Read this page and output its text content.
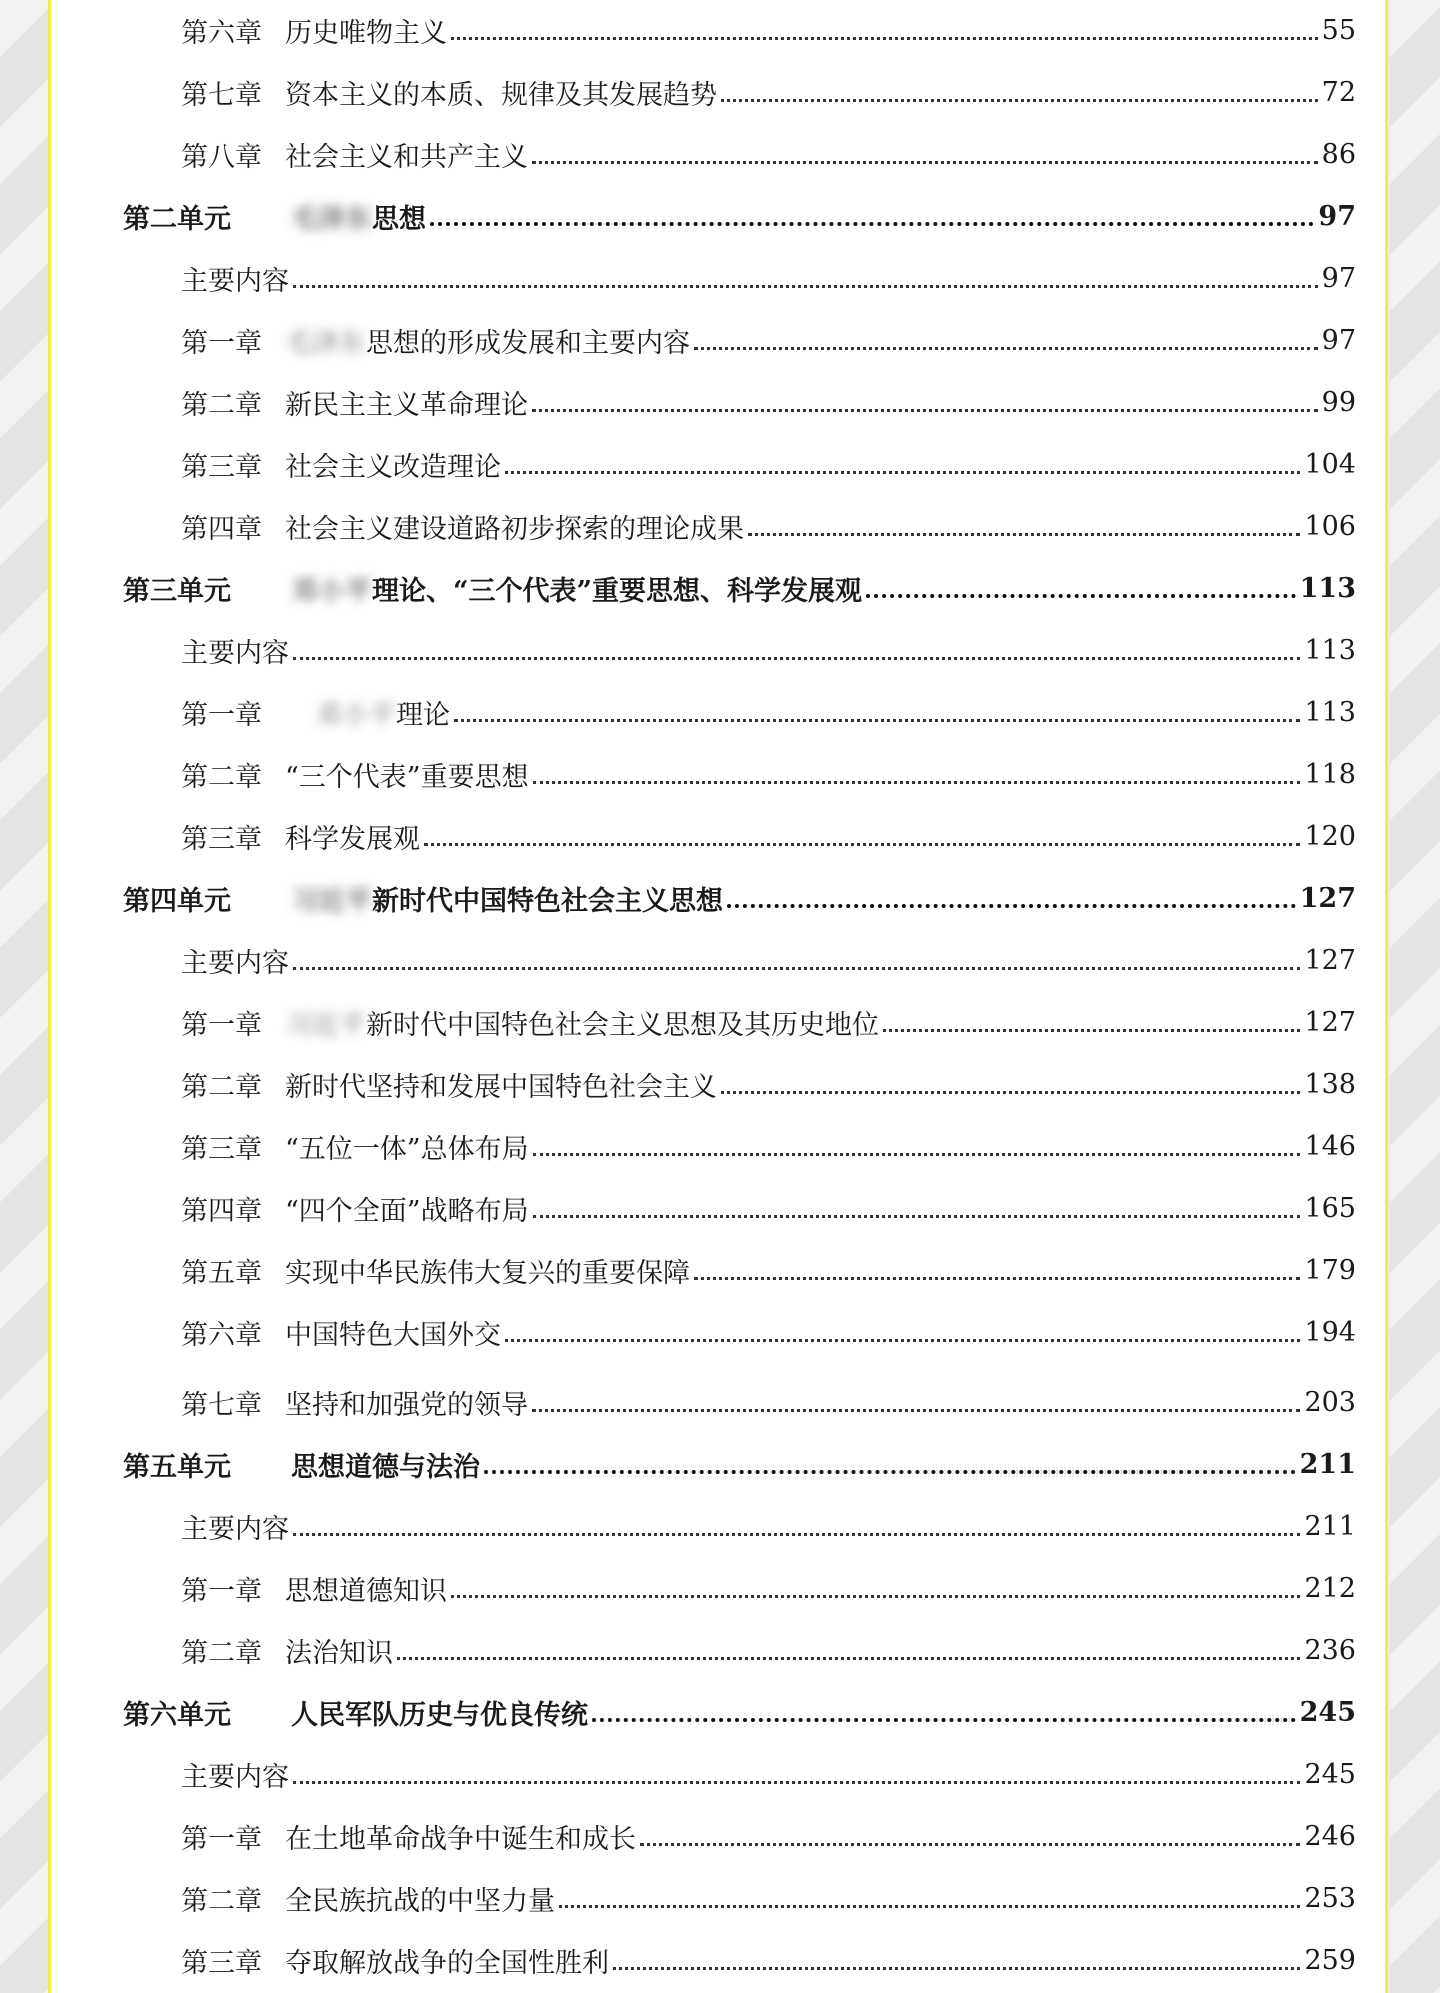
第六章 历史唯物主义	55
第七章 资本主义的本质、规律及其发展趋势	72
第八章 社会主义和共产主义	86
第二单元	毛泽东 思想	97
主要内容	97
第一章 毛泽东 思想的形成发展和主要内容	97
第二章 新民主主义革命理论	99
第三章 社会主义改造理论	104
第四章 社会主义建设道路初步探索的理论成果	106
第三单元	邓小平 理论、“三个代表”重要思想、科学发展观	113
主要内容	113
第一章	邓小平 理论	113
第二章 “三个代表”重要思想	118
第三章 科学发展观	120
第四单元	习近平 新时代中国特色社会主义思想	127
主要内容	127
第一章 习近平 新时代中国特色社会主义思想及其历史地位	127
第二章 新时代坚持和发展中国特色社会主义	138
第三章 “五位一体”总体布局	146
第四章 “四个全面”战略布局	165
第五章 实现中华民族伟大复兴的重要保障	179
第六章 中国特色大国外交	194
第七章 坚持和加强党的领导	203
第五单元	思想道德与法治	211
主要内容	211
第一章 思想道德知识	212
第二章 法治知识	236
第六单元	人民军队历史与优良传统	245
主要内容	245
第一章 在土地革命战争中诞生和成长	246
第二章 全民族抗战的中坚力量	253
第三章 夺取解放战争的全国性胜利	259
